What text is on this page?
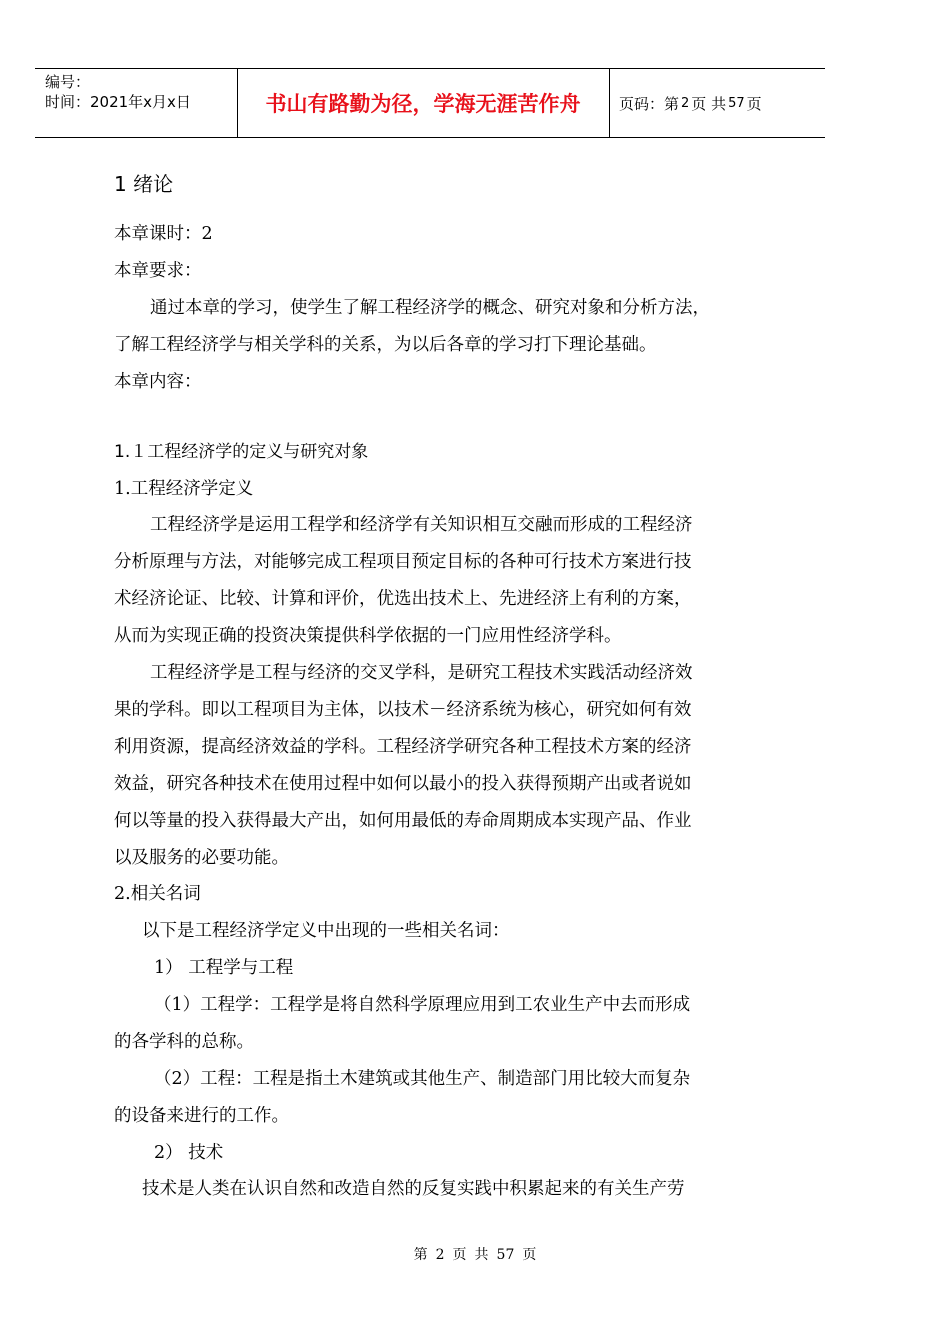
编号：
时间：2021年x月x日	书山有路勤为径，学海无涯苦作舟	页码：第 2 页 共 57 页
1 绪论
本章课时：2
本章要求：
通过本章的学习，使学生了解工程经济学的概念、研究对象和分析方法，
了解工程经济学与相关学科的关系，为以后各章的学习打下理论基础。
本章内容：
1.１工程经济学的定义与研究对象
1.工程经济学定义
工程经济学是运用工程学和经济学有关知识相互交融而形成的工程经济
分析原理与方法，对能够完成工程项目预定目标的各种可行技术方案进行技
术经济论证、比较、计算和评价，优选出技术上、先进经济上有利的方案，
从而为实现正确的投资决策提供科学依据的一门应用性经济学科。
工程经济学是工程与经济的交叉学科，是研究工程技术实践活动经济效
果的学科。即以工程项目为主体，以技术－经济系统为核心，研究如何有效
利用资源，提高经济效益的学科。工程经济学研究各种工程技术方案的经济
效益，研究各种技术在使用过程中如何以最小的投入获得预期产出或者说如
何以等量的投入获得最大产出，如何用最低的寿命周期成本实现产品、作业
以及服务的必要功能。
2.相关名词
以下是工程经济学定义中出现的一些相关名词：
1） 工程学与工程
（1）工程学：工程学是将自然科学原理应用到工农业生产中去而形成
的各学科的总称。
（2）工程：工程是指土木建筑或其他生产、制造部门用比较大而复杂
的设备来进行的工作。
2） 技术
技术是人类在认识自然和改造自然的反复实践中积累起来的有关生产劳
第 2 页 共 57 页
